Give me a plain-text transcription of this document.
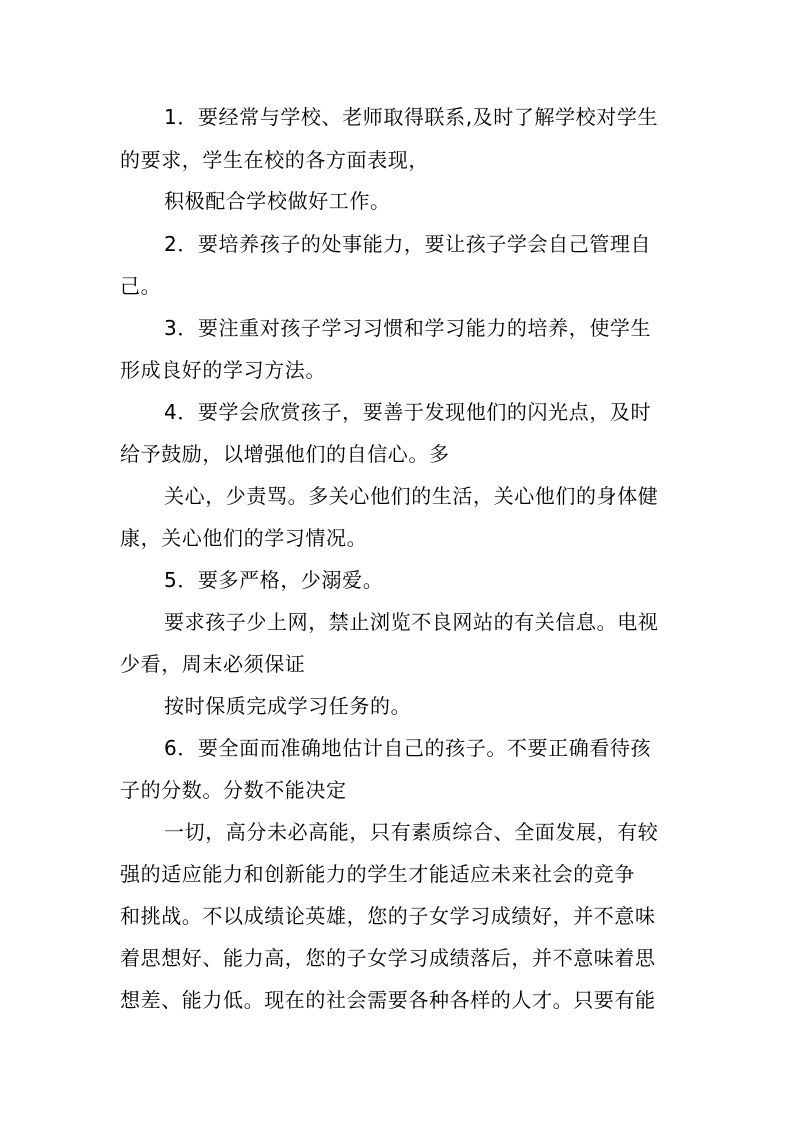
1．要经常与学校、老师取得联系,及时了解学校对学生
的要求，学生在校的各方面表现，
积极配合学校做好工作。
2．要培养孩子的处事能力，要让孩子学会自己管理自
己。
3．要注重对孩子学习习惯和学习能力的培养，使学生
形成良好的学习方法。
4．要学会欣赏孩子，要善于发现他们的闪光点，及时
给予鼓励，以增强他们的自信心。多
关心，少责骂。多关心他们的生活，关心他们的身体健
康，关心他们的学习情况。
5．要多严格，少溺爱。
要求孩子少上网，禁止浏览不良网站的有关信息。电视
少看，周末必须保证
按时保质完成学习任务的。
6．要全面而准确地估计自己的孩子。不要正确看待孩
子的分数。分数不能决定
一切，高分未必高能，只有素质综合、全面发展，有较
强的适应能力和创新能力的学生才能适应未来社会的竞争
和挑战。不以成绩论英雄，您的子女学习成绩好，并不意味
着思想好、能力高，您的子女学习成绩落后，并不意味着思
想差、能力低。现在的社会需要各种各样的人才。只要有能
